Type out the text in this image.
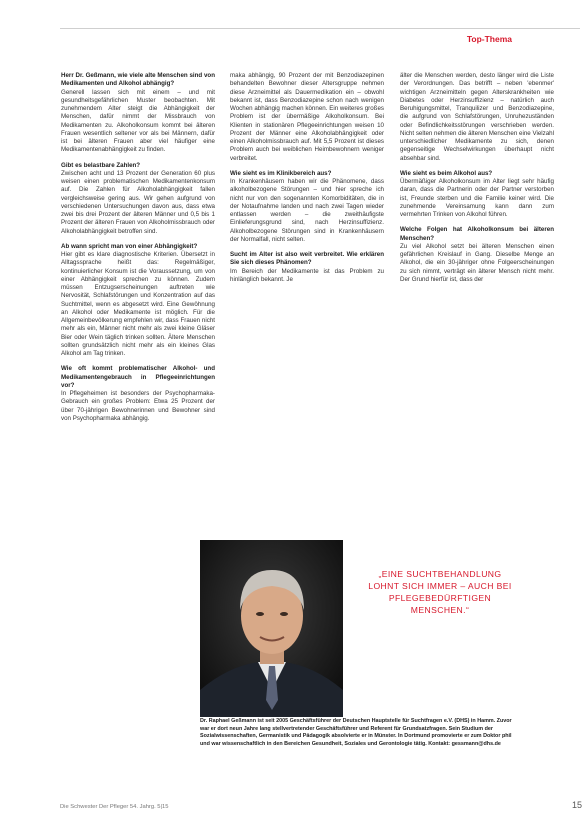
Top-Thema

Herr Dr. Geßmann, wie viele alte Menschen sind von Medikamenten und Alkohol abhängig?
Generell lassen sich mit einem – und mit gesundheitsgefährlichen Muster beobachten. Mit zunehmendem Alter steigt die Abhängigkeit der Menschen, dafür nimmt der Missbrauch von Medikamenten zu. Alkoholkonsum kommt bei älteren Frauen wesentlich seltener vor als bei Männern, dafür ist bei älteren Frauen aber viel häufiger eine Medikamentenabhängigkeit zu finden.

Gibt es belastbare Zahlen?
Zwischen acht und 13 Prozent der Generation 60 plus weisen einen problematischen Medikamentenkonsum auf. Die Zahlen für Alkoholabhängigkeit fallen vergleichsweise gering aus. Wir gehen aufgrund von verschiedenen Untersuchungen davon aus, dass etwa zwei bis drei Prozent der älteren Männer und 0,5 bis 1 Prozent der älteren Frauen von Alkoholmissbrauch oder Alkoholabhängigkeit betroffen sind.

Ab wann spricht man von einer Abhängigkeit?
Hier gibt es klare diagnostische Kriterien. Übersetzt in Alltagssprache heißt das: Regelmäßiger, kontinuierlicher Konsum ist die Voraussetzung, um von einer Abhängigkeit sprechen zu können. Zudem müssen Entzugserscheinungen auftreten wie Nervosität, Schlafstörungen und Konzentration auf das Suchtmittel, wenn es abgesetzt wird. Eine Gewöhnung an Alkohol oder Medikamente ist möglich. Für die Allgemeinbevölkerung empfehlen wir, dass Frauen nicht mehr als ein, Männer nicht mehr als zwei kleine Gläser Bier oder Wein täglich trinken sollten. Ältere Menschen sollten grundsätzlich nicht mehr als ein kleines Glas Alkohol am Tag trinken.

Wie oft kommt problematischer Alkohol- und Medikamentengebrauch in Pflegeeinrichtungen vor?
In Pflegeheimen ist besonders der Psychopharmaka-Gebrauch ein großes Problem: Etwa 25 Prozent der über 70-jährigen Bewohnerinnen und Bewohner sind von Psychopharmaka abhängig.

maka abhängig, 90 Prozent der mit Benzodiazepinen behandelten Bewohner dieser Altersgruppe nehmen diese Arzneimittel als Dauermedikation ein – obwohl bekannt ist, dass Benzodiazepine schon nach wenigen Wochen abhängig machen können. Ein weiteres großes Problem ist der übermäßige Alkoholkonsum. Bei Klienten in stationären Pflegeeinrichtungen weisen 10 Prozent der Männer eine Alkoholabhängigkeit oder einen Alkoholmissbrauch auf. Mit 5,5 Prozent ist dieses Problem auch bei weiblichen Heimbewohnern weniger verbreitet.

Wie sieht es im Klinikbereich aus?
In Krankenhäusern haben wir die Phänomene, dass alkoholbezogene Störungen – und hier spreche ich nicht nur von den sogenannten Komorbiditäten, die in der Notaufnahme landen und nach zwei Tagen wieder entlassen werden – die zweithäufigste Einlieferungsgrund sind, nach Herzinsuffizienz. Alkoholbezogene Störungen sind in Krankenhäusern der Normalfall, nicht selten.

Sucht im Alter ist also weit verbreitet. Wie erklären Sie sich dieses Phänomen?
Im Bereich der Medikamente ist das Problem zu hinlänglich bekannt. Je

älter die Menschen werden, desto länger wird die Liste der Verordnungen. Das betrifft – neben 'ebenmer' wichtigen Arzneimitteln gegen Alterskrankheiten wie Diabetes oder Herzinsuffizienz – natürlich auch Beruhigungsmittel, Tranquilizer und Benzodiazepine, die aufgrund von Schlafstörungen, Unruhezuständen oder Befindlichkeitsstörungen verschrieben werden. Nicht selten nehmen die älteren Menschen eine Vielzahl unterschiedlicher Medikamente zu sich, denen gegenseitige Wechselwirkungen überhaupt nicht absehbar sind.

Wie sieht es beim Alkohol aus?
Übermäßiger Alkoholkonsum im Alter liegt sehr häufig daran, dass die Partnerin oder der Partner verstorben ist, Freunde sterben und die Familie keiner wird. Die zunehmende Vereinsamung kann dann zum vermehrten Trinken von Alkohol führen.

Welche Folgen hat Alkoholkonsum bei älteren Menschen?
Zu viel Alkohol setzt bei älteren Menschen einen gefährlichen Kreislauf in Gang. Dieselbe Menge an Alkohol, die ein 30-jähriger ohne Folgeerscheinungen zu sich nimmt, verträgt ein älterer Mensch nicht mehr. Der Grund hierfür ist, dass der

„EINE SUCHTBEHANDLUNG LOHNT SICH IMMER – AUCH BEI PFLEGEBEDÜRFTIGEN MENSCHEN.“
Dr. Raphael Geßmann ist seit 2005 Geschäftsführer der Deutschen Hauptstelle für Suchtfragen e.V. (DHS) in Hamm. Zuvor war er dort neun Jahre lang stellvertretender Geschäftsführer und Referent für Grundsatzfragen. Sein Studium der Sozialwissenschaften, Germanistik und Pädagogik absolvierte er in Münster. In Dortmund promovierte er zum Doktor phil und war wissenschaftlich in den Bereichen Gesundheit, Soziales und Gerontologie tätig. Kontakt: gessmann@dhs.de
Die Schwester Der Pfleger 54. Jahrg. 5|15	15
